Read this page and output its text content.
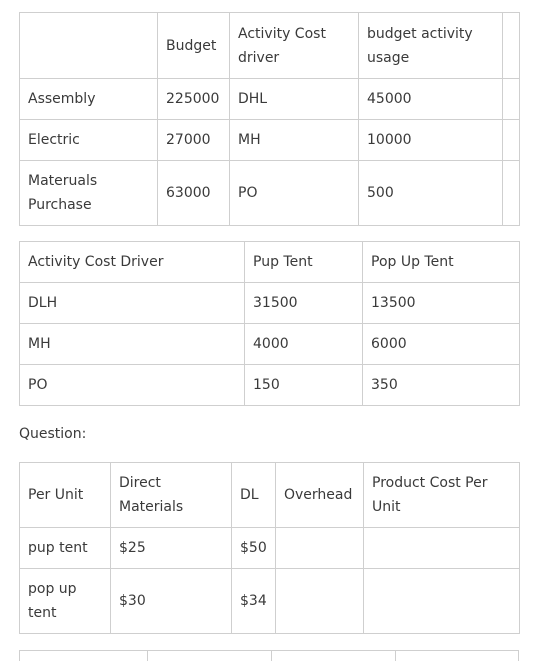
	Budget	Activity Cost driver	budget activity usage	
Assembly	225000	DHL	45000	
Electric	27000	MH	10000	
Materuals Purchase	63000	PO	500	
Activity Cost Driver	Pup Tent	Pop Up Tent
DLH	31500	13500
MH	4000	6000
PO	150	350
Question:
Per Unit	Direct Materials	DL	Overhead	Product Cost Per Unit
pup tent	$25	$50		
pop up tent	$30	$34		
